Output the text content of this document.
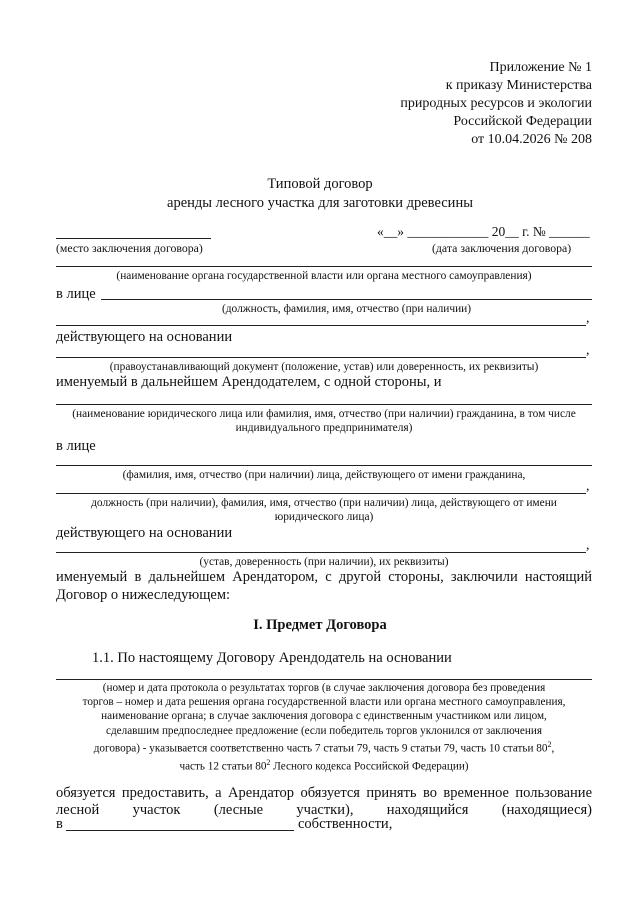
Приложение № 1
к приказу Министерства
природных ресурсов и экологии
Российской Федерации
от 10.04.2026 № 208
Типовой договор
аренды лесного участка для заготовки древесины
«__» ____________ 20__ г. № ______
(место заключения договора)	(дата заключения договора)
(наименование органа государственной власти или органа местного самоуправления)
в лице
(должность, фамилия, имя, отчество (при наличии)
,
действующего на основании
,
(правоустанавливающий документ (положение, устав) или доверенность, их реквизиты)
именуемый в дальнейшем Арендодателем, с одной стороны, и
(наименование юридического лица или фамилия, имя, отчество (при наличии) гражданина, в том числе индивидуального предпринимателя)
в лице
(фамилия, имя, отчество (при наличии) лица, действующего от имени гражданина,
,
должность (при наличии), фамилия, имя, отчество (при наличии) лица, действующего от имени юридического лица)
действующего на основании
,
(устав, доверенность (при наличии), их реквизиты)
именуемый в дальнейшем Арендатором, с другой стороны, заключили настоящий
Договор о нижеследующем:
I. Предмет Договора
1.1. По настоящему Договору Арендодатель на основании
(номер и дата протокола о результатах торгов (в случае заключения договора без проведения
торгов – номер и дата решения органа государственной власти или органа местного самоуправления,
наименование органа; в случае заключения договора с единственным участником или лицом,
сделавшим предпоследнее предложение (если победитель торгов уклонился от заключения
договора) - указывается соответственно часть 7 статьи 79, часть 9 статьи 79, часть 10 статьи $80^2$,
часть 12 статьи $80^2$ Лесного кодекса Российской Федерации)
обязуется предоставить, а Арендатор обязуется принять во временное пользование
лесной участок (лесные участки), находящийся (находящиеся)
в	собственности,
